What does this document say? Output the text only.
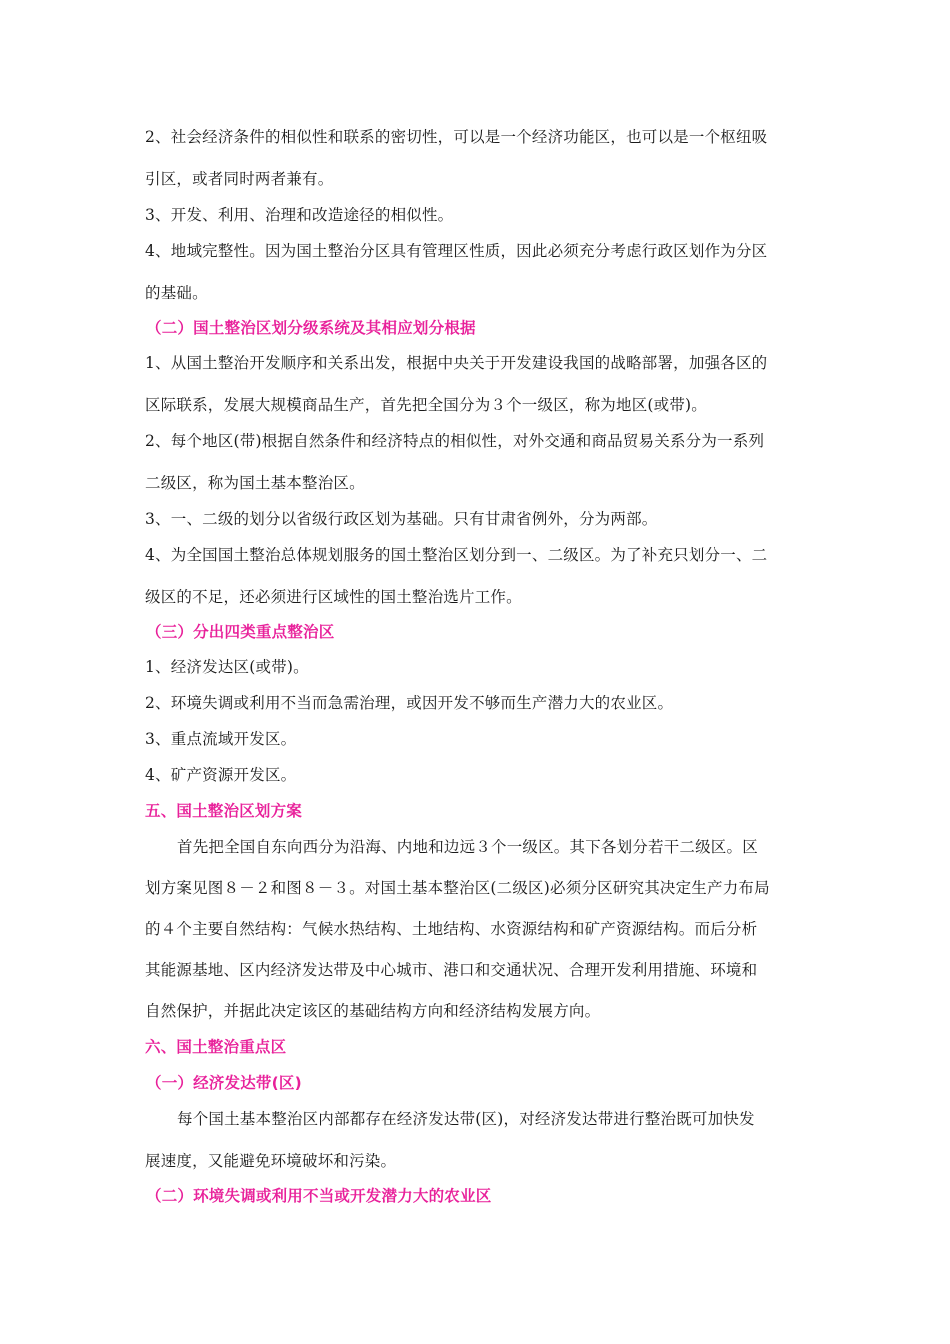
2、社会经济条件的相似性和联系的密切性，可以是一个经济功能区，也可以是一个枢纽吸
引区，或者同时两者兼有。
3、开发、利用、治理和改造途径的相似性。
4、地域完整性。因为国土整治分区具有管理区性质，因此必须充分考虑行政区划作为分区
的基础。
（二）国土整治区划分级系统及其相应划分根据
1、从国土整治开发顺序和关系出发，根据中央关于开发建设我国的战略部署，加强各区的
区际联系，发展大规模商品生产，首先把全国分为３个一级区，称为地区(或带)。
2、每个地区(带)根据自然条件和经济特点的相似性，对外交通和商品贸易关系分为一系列
二级区，称为国土基本整治区。
3、一、二级的划分以省级行政区划为基础。只有甘肃省例外，分为两部。
4、为全国国土整治总体规划服务的国土整治区划分到一、二级区。为了补充只划分一、二
级区的不足，还必须进行区域性的国土整治选片工作。
（三）分出四类重点整治区
1、经济发达区(或带)。
2、环境失调或利用不当而急需治理，或因开发不够而生产潜力大的农业区。
3、重点流域开发区。
4、矿产资源开发区。
五、国土整治区划方案
首先把全国自东向西分为沿海、内地和边远３个一级区。其下各划分若干二级区。区
划方案见图８－２和图８－３。对国土基本整治区(二级区)必须分区研究其决定生产力布局
的４个主要自然结构：气候水热结构、土地结构、水资源结构和矿产资源结构。而后分析
其能源基地、区内经济发达带及中心城市、港口和交通状况、合理开发利用措施、环境和
自然保护，并据此决定该区的基础结构方向和经济结构发展方向。
六、国土整治重点区
（一）经济发达带(区)
每个国土基本整治区内部都存在经济发达带(区)，对经济发达带进行整治既可加快发
展速度，又能避免环境破坏和污染。
（二）环境失调或利用不当或开发潜力大的农业区
